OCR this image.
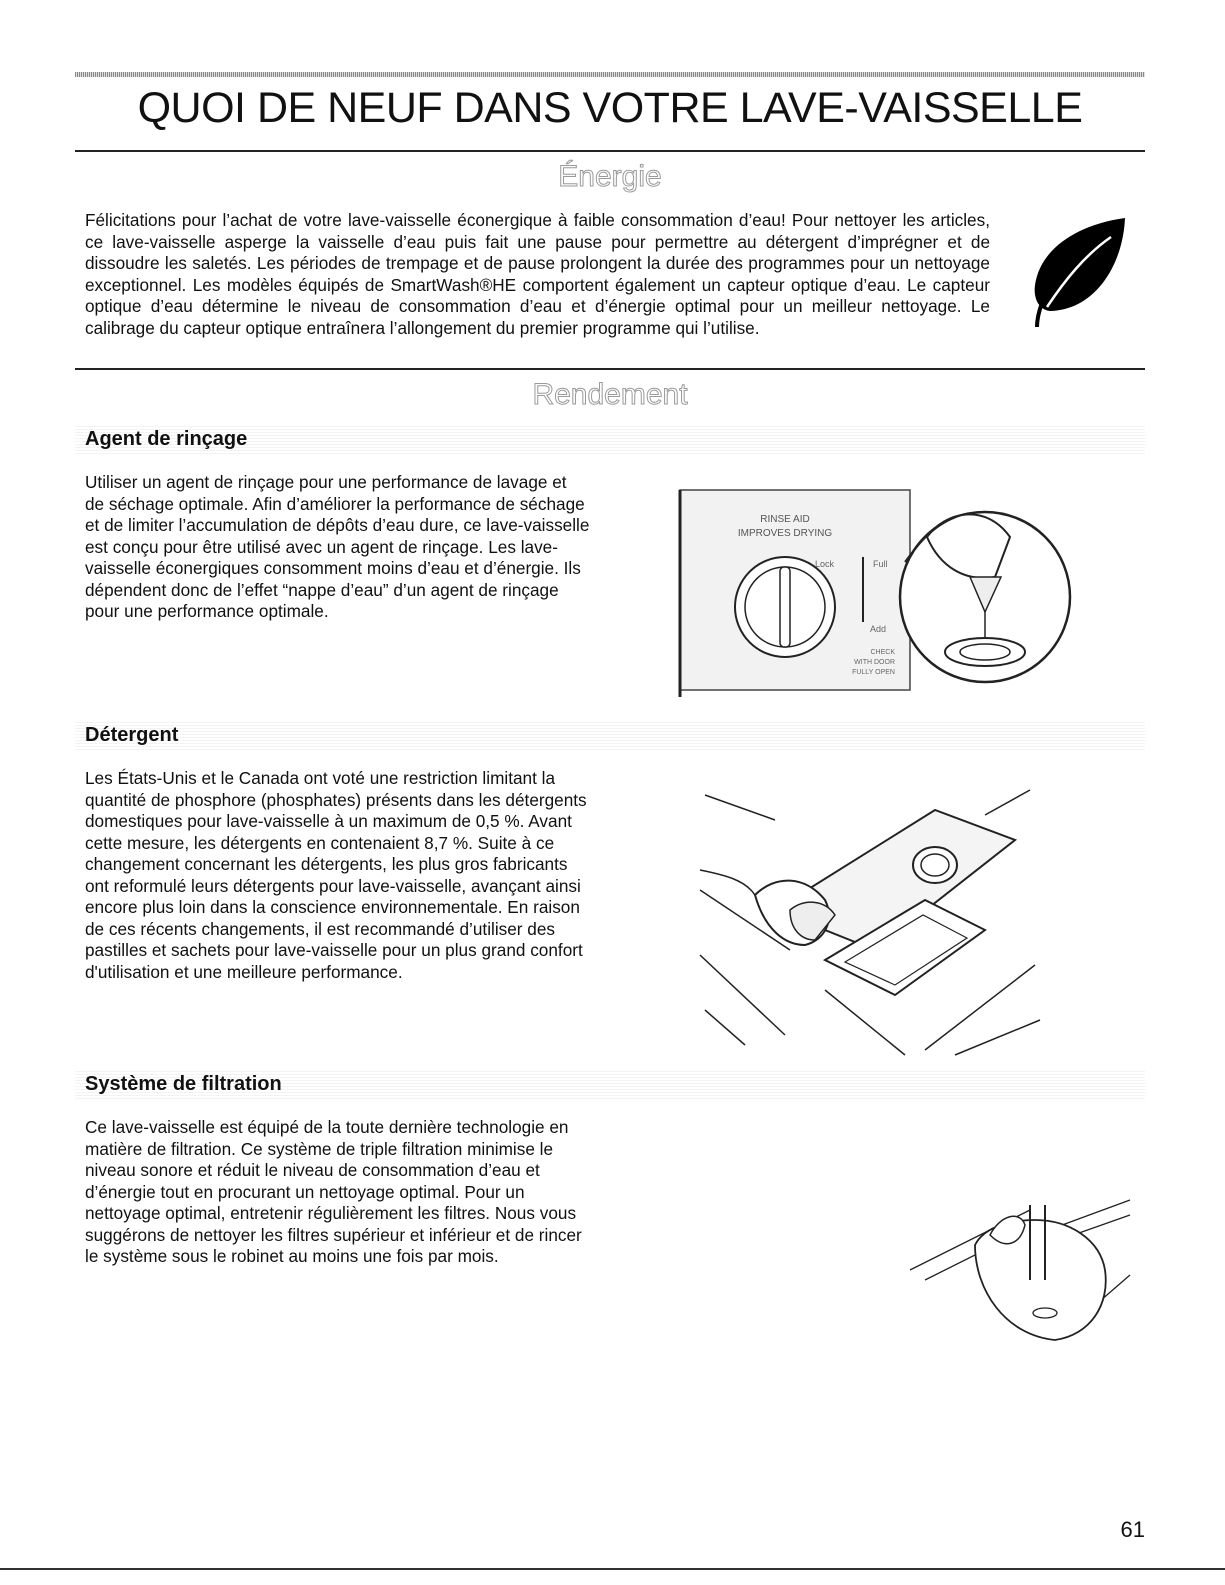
QUOI DE NEUF DANS VOTRE LAVE-VAISSELLE
Énergie
Félicitations pour l’achat de votre lave-vaisselle éconergique à faible consommation d’eau! Pour nettoyer les articles, ce lave-vaisselle asperge la vaisselle d’eau puis fait une pause pour permettre au détergent d’imprégner et de dissoudre les saletés. Les périodes de trempage et de pause prolongent la durée des programmes pour un nettoyage exceptionnel. Les modèles équipés de SmartWash®HE comportent également un capteur optique d’eau. Le capteur optique d’eau détermine le niveau de consommation d’eau et d’énergie optimal pour un meilleur nettoyage. Le calibrage du capteur optique entraînera l’allongement du premier programme qui l’utilise.
Rendement
Agent de rinçage
Utiliser un agent de rinçage pour une performance de lavage et de séchage optimale. Afin d’améliorer la performance de séchage et de limiter l’accumulation de dépôts d’eau dure, ce lave-vaisselle est conçu pour être utilisé avec un agent de rinçage. Les lave-vaisselle éconergiques consomment moins d’eau et d’énergie. Ils dépendent donc de l’effet “nappe d’eau” d’un agent de rinçage pour une performance optimale.
RINSE AID
IMPROVES DRYING
Lock	Full
Add
CHECK
WITH DOOR
FULLY OPEN
Détergent
Les États-Unis et le Canada ont voté une restriction limitant la quantité de phosphore (phosphates) présents dans les détergents domestiques pour lave-vaisselle à un maximum de 0,5 %. Avant cette mesure, les détergents en contenaient 8,7 %. Suite à ce changement concernant les détergents, les plus gros fabricants ont reformulé leurs détergents pour lave-vaisselle, avançant ainsi encore plus loin dans la conscience environnementale. En raison de ces récents changements, il est recommandé d’utiliser des pastilles et sachets pour lave-vaisselle pour un plus grand confort d'utilisation et une meilleure performance.
Système de filtration
Ce lave-vaisselle est équipé de la toute dernière technologie en matière de filtration. Ce système de triple filtration minimise le niveau sonore et réduit le niveau de consommation d’eau et d’énergie tout en procurant un nettoyage optimal. Pour un nettoyage optimal, entretenir régulièrement les filtres. Nous vous suggérons de nettoyer les filtres supérieur et inférieur et de rincer le système sous le robinet au moins une fois par mois.
61
